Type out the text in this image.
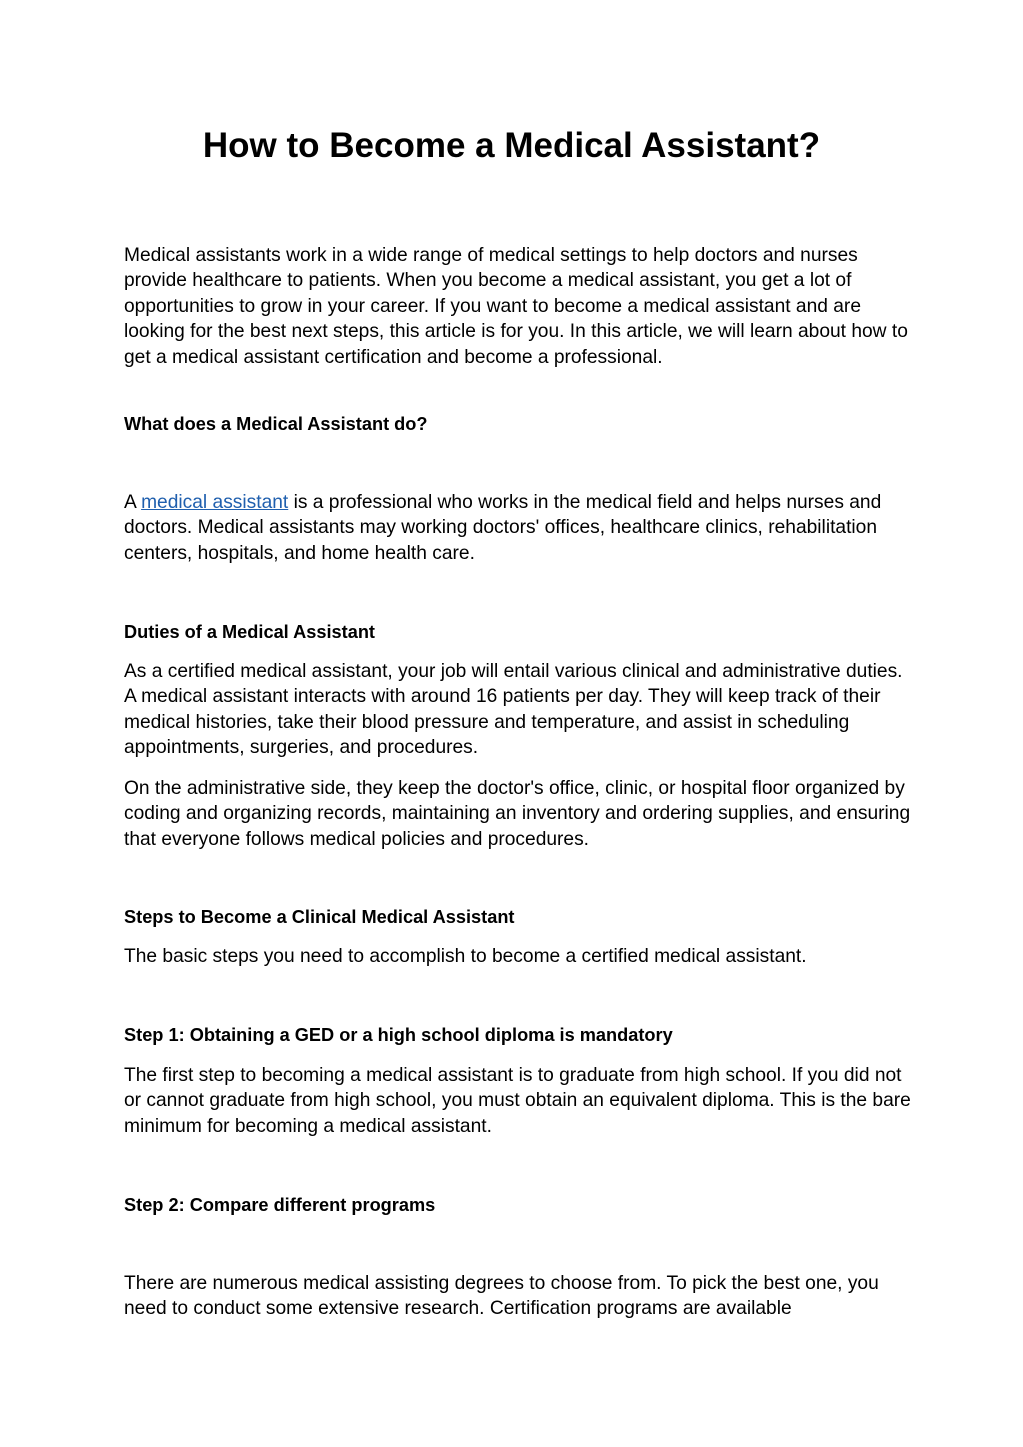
How to Become a Medical Assistant?

Medical assistants work in a wide range of medical settings to help doctors and nurses provide healthcare to patients. When you become a medical assistant, you get a lot of opportunities to grow in your career. If you want to become a medical assistant and are looking for the best next steps, this article is for you. In this article, we will learn about how to get a medical assistant certification and become a professional.

What does a Medical Assistant do?

A medical assistant is a professional who works in the medical field and helps nurses and doctors. Medical assistants may working doctors' offices, healthcare clinics, rehabilitation centers, hospitals, and home health care.

Duties of a Medical Assistant

As a certified medical assistant, your job will entail various clinical and administrative duties. A medical assistant interacts with around 16 patients per day. They will keep track of their medical histories, take their blood pressure and temperature, and assist in scheduling appointments, surgeries, and procedures.

On the administrative side, they keep the doctor's office, clinic, or hospital floor organized by coding and organizing records, maintaining an inventory and ordering supplies, and ensuring that everyone follows medical policies and procedures.

Steps to Become a Clinical Medical Assistant

The basic steps you need to accomplish to become a certified medical assistant.

Step 1: Obtaining a GED or a high school diploma is mandatory

The first step to becoming a medical assistant is to graduate from high school. If you did not or cannot graduate from high school, you must obtain an equivalent diploma. This is the bare minimum for becoming a medical assistant.

Step 2: Compare different programs

There are numerous medical assisting degrees to choose from. To pick the best one, you need to conduct some extensive research. Certification programs are available
